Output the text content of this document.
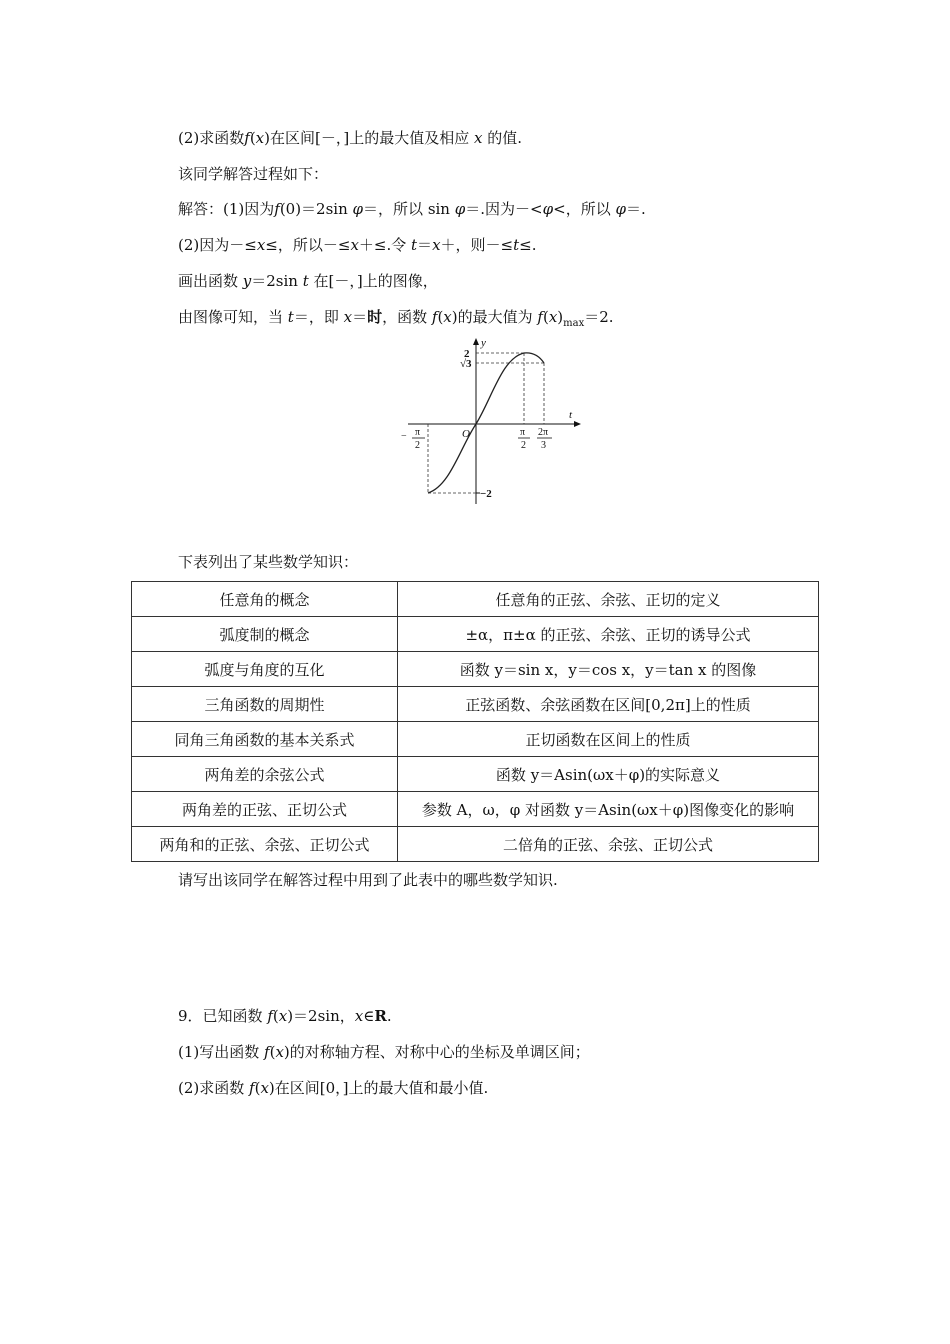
(2)求函数f(x)在区间[－，]上的最大值及相应 x 的值.
该同学解答过程如下：
解答：(1)因为f(0)＝2sin φ＝，所以 sin φ＝.因为－<φ<，所以 φ＝.
(2)因为－≤x≤，所以－≤x＋≤.令 t＝x＋，则－≤t≤.
画出函数 y＝2sin t 在[－，]上的图像，
由图像可知，当 t＝，即 x＝时，函数 f(x)的最大值为 $f(x)_{max}=2$.
y
t
O
2
√3
−2
π
2
2π
3
− π
2
下表列出了某些数学知识：
任意角的概念	任意角的正弦、余弦、正切的定义
弧度制的概念	±α，π±α 的正弦、余弦、正切的诱导公式
弧度与角度的互化	函数 y＝sin x，y＝cos x，y＝tan x 的图像
三角函数的周期性	正弦函数、余弦函数在区间[0,2π]上的性质
同角三角函数的基本关系式	正切函数在区间上的性质
两角差的余弦公式	函数 y＝Asin(ωx＋φ)的实际意义
两角差的正弦、正切公式	参数 A，ω，φ 对函数 y＝Asin(ωx＋φ)图像变化的影响
两角和的正弦、余弦、正切公式	二倍角的正弦、余弦、正切公式
请写出该同学在解答过程中用到了此表中的哪些数学知识.
9．已知函数 f(x)＝2sin，x∈R.
(1)写出函数 f(x)的对称轴方程、对称中心的坐标及单调区间；
(2)求函数 f(x)在区间[0，]上的最大值和最小值.
